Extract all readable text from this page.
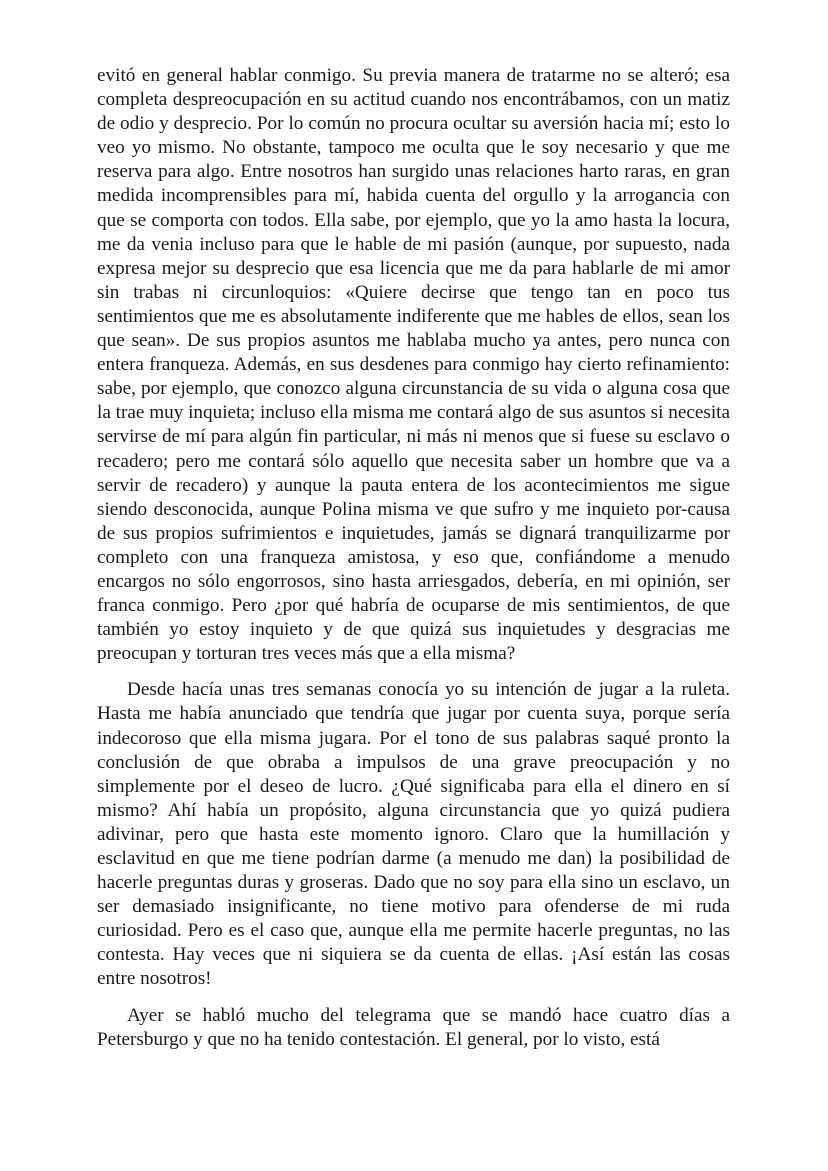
evitó en general hablar conmigo. Su previa manera de tratarme no se alteró; esa completa despreocupación en su actitud cuando nos encontrábamos, con un matiz de odio y desprecio. Por lo común no procura ocultar su aversión hacia mí; esto lo veo yo mismo. No obstante, tampoco me oculta que le soy necesario y que me reserva para algo. Entre nosotros han surgido unas relaciones harto raras, en gran medida incomprensibles para mí, habida cuenta del orgullo y la arrogancia con que se comporta con todos. Ella sabe, por ejemplo, que yo la amo hasta la locura, me da venia incluso para que le hable de mi pasión (aunque, por supuesto, nada expresa mejor su desprecio que esa licencia que me da para hablarle de mi amor sin trabas ni circunloquios: «Quiere decirse que tengo tan en poco tus sentimientos que me es absolutamente indiferente que me hables de ellos, sean los que sean». De sus propios asuntos me hablaba mucho ya antes, pero nunca con entera franqueza. Además, en sus desdenes para conmigo hay cierto refinamiento: sabe, por ejemplo, que conozco alguna circunstancia de su vida o alguna cosa que la trae muy inquieta; incluso ella misma me contará algo de sus asuntos si necesita servirse de mí para algún fin particular, ni más ni menos que si fuese su esclavo o recadero; pero me contará sólo aquello que necesita saber un hombre que va a servir de recadero) y aunque la pauta entera de los acontecimientos me sigue siendo desconocida, aunque Polina misma ve que sufro y me inquieto por-causa de sus propios sufrimientos e inquietudes, jamás se dignará tranquilizarme por completo con una franqueza amistosa, y eso que, confiándome a menudo encargos no sólo engorrosos, sino hasta arriesgados, debería, en mi opinión, ser franca conmigo. Pero ¿por qué habría de ocuparse de mis sentimientos, de que también yo estoy inquieto y de que quizá sus inquietudes y desgracias me preocupan y torturan tres veces más que a ella misma?

Desde hacía unas tres semanas conocía yo su intención de jugar a la ruleta. Hasta me había anunciado que tendría que jugar por cuenta suya, porque sería indecoroso que ella misma jugara. Por el tono de sus palabras saqué pronto la conclusión de que obraba a impulsos de una grave preocupación y no simplemente por el deseo de lucro. ¿Qué significaba para ella el dinero en sí mismo? Ahí había un propósito, alguna circunstancia que yo quizá pudiera adivinar, pero que hasta este momento ignoro. Claro que la humillación y esclavitud en que me tiene podrían darme (a menudo me dan) la posibilidad de hacerle preguntas duras y groseras. Dado que no soy para ella sino un esclavo, un ser demasiado insignificante, no tiene motivo para ofenderse de mi ruda curiosidad. Pero es el caso que, aunque ella me permite hacerle preguntas, no las contesta. Hay veces que ni siquiera se da cuenta de ellas. ¡Así están las cosas entre nosotros!

Ayer se habló mucho del telegrama que se mandó hace cuatro días a Petersburgo y que no ha tenido contestación. El general, por lo visto, está
